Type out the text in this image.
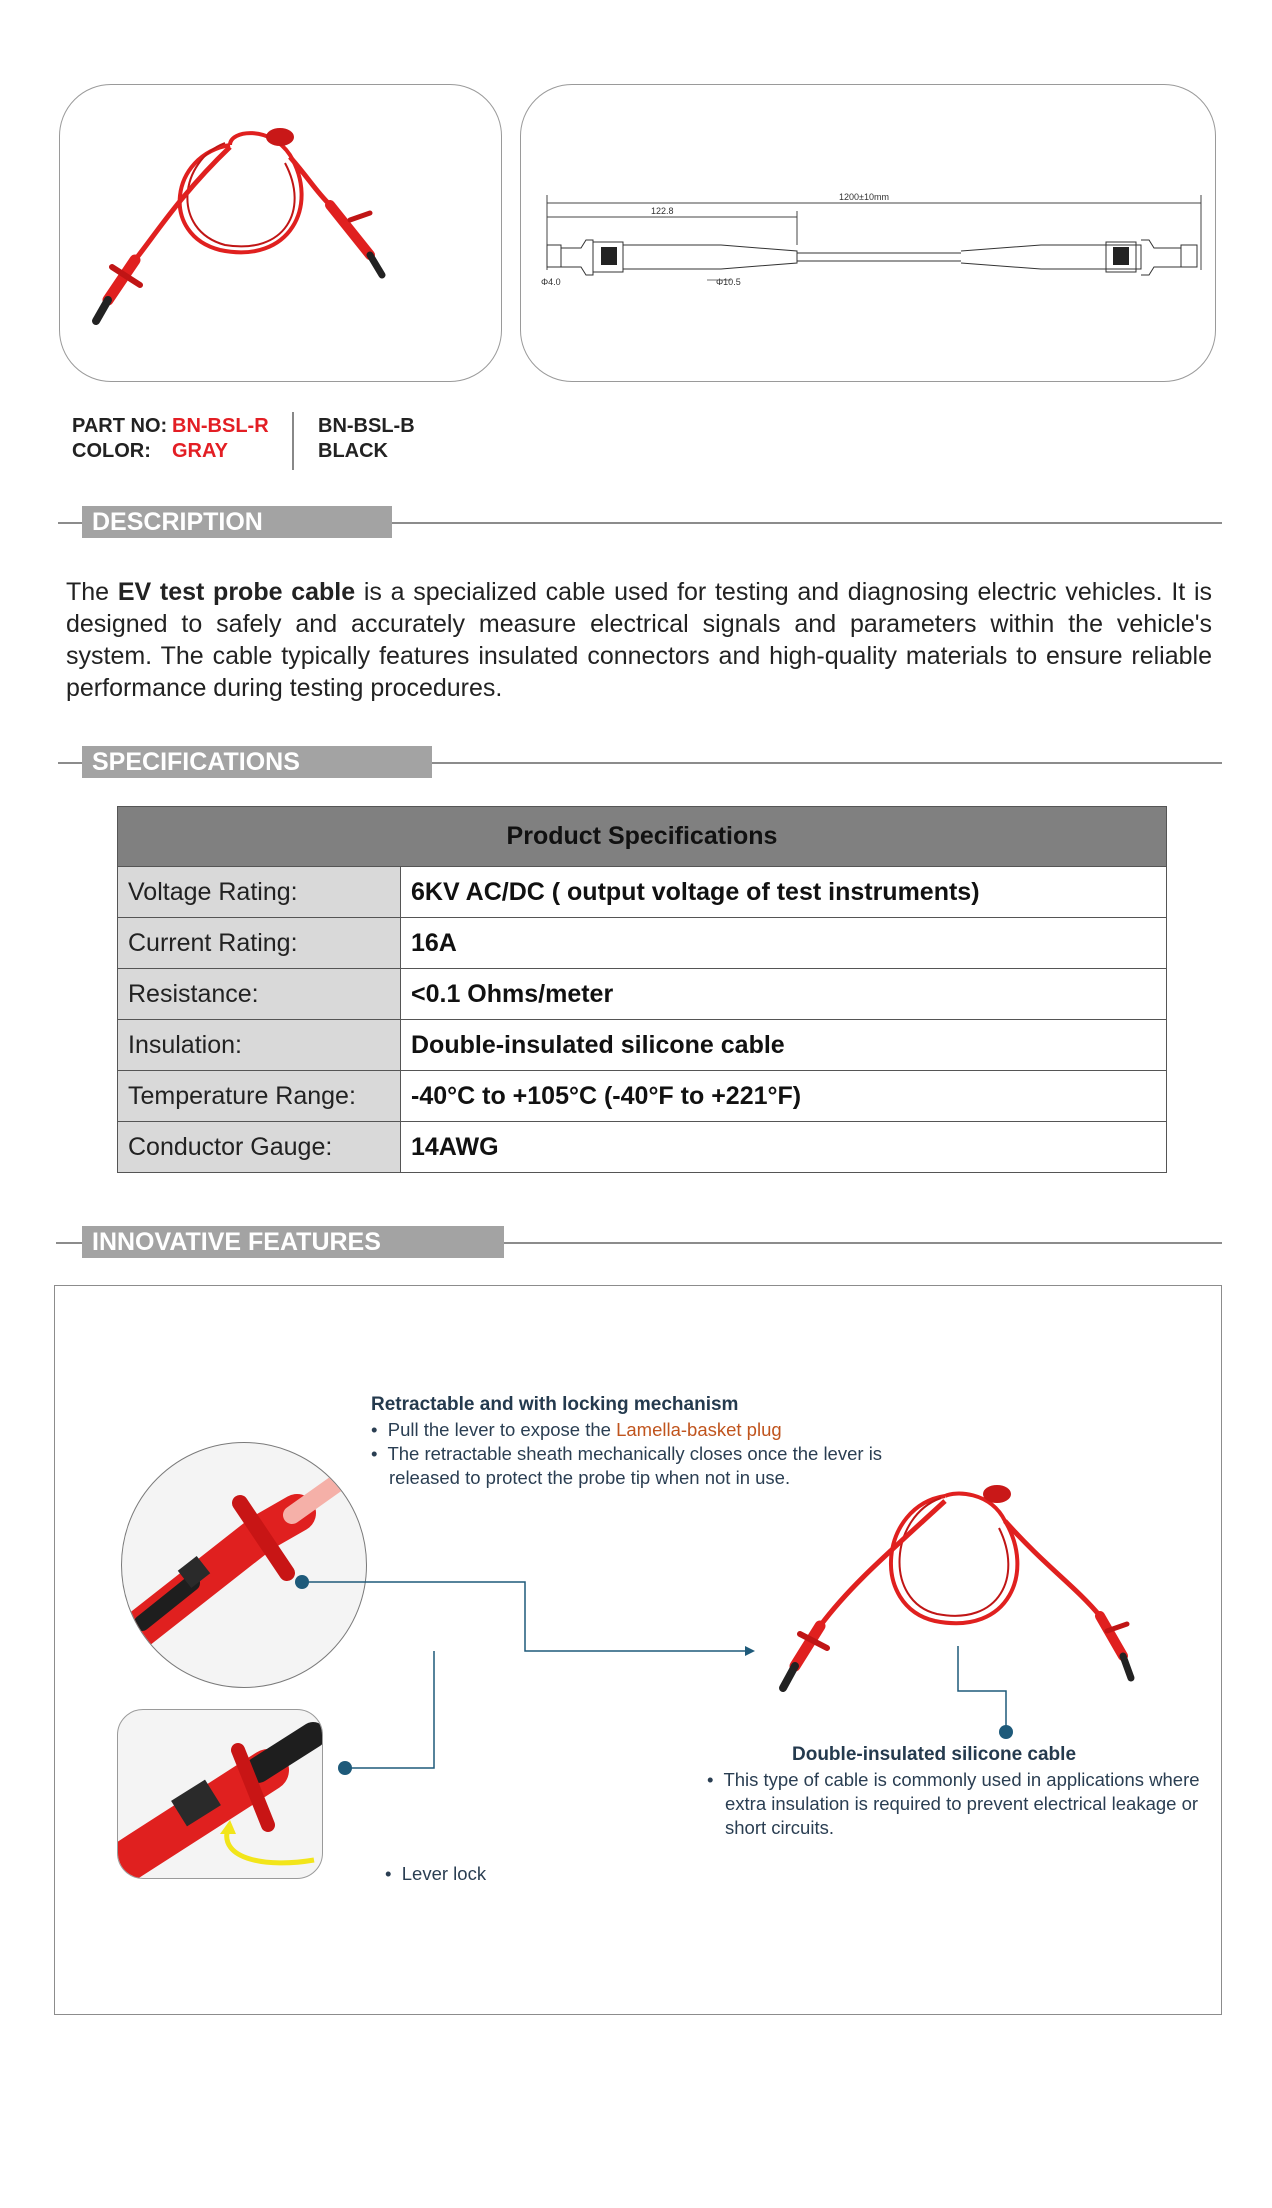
1200±10mm
122.8
Φ4.0	Φ10.5
PART NO: BN-BSL-R
COLOR: GRAY
BN-BSL-B
BLACK
DESCRIPTION
The EV test probe cable is a specialized cable used for testing and diagnosing electric vehicles. It is designed to safely and accurately measure electrical signals and parameters within the vehicle's system. The cable typically features insulated connectors and high-quality materials to ensure reliable performance during testing procedures.
SPECIFICATIONS
Product Specifications	
Voltage Rating:	6KV AC/DC ( output voltage of test instruments)
Current Rating:	16A
Resistance:	<0.1 Ohms/meter
Insulation:	Double-insulated silicone cable
Temperature Range:	-40°C to +105°C (-40°F to +221°F)
Conductor Gauge:	14AWG
INNOVATIVE FEATURES
Retractable and with locking mechanism
•  Pull the lever to expose the Lamella-basket plug
•  The retractable sheath mechanically closes once the lever is released to protect the probe tip when not in use.
•  Lever lock
Double-insulated silicone cable
•  This type of cable is commonly used in applications where extra insulation is required to prevent electrical leakage or short circuits.
